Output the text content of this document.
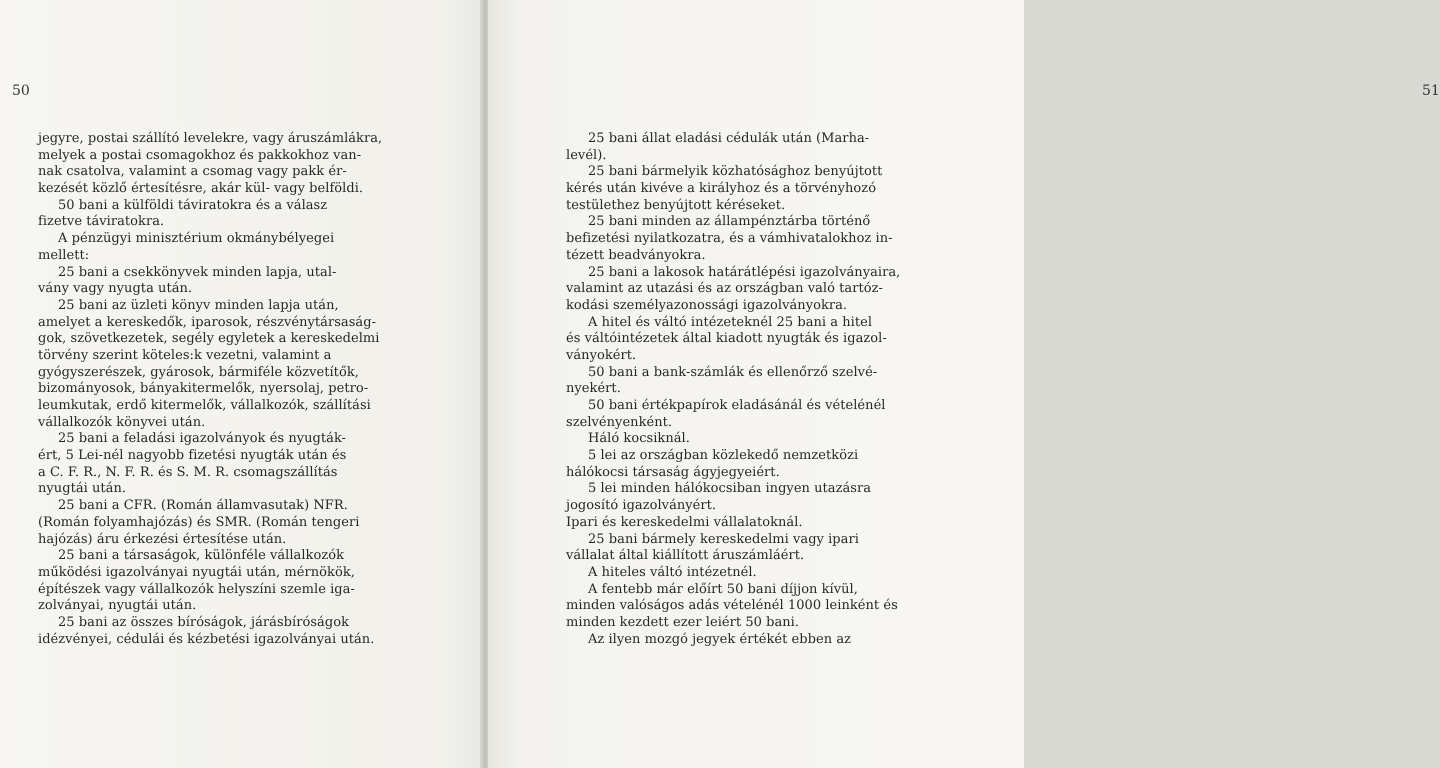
50
jegyre, postai szállító levelekre, vagy áruszámlákra,
melyek a postai csomagokhoz és pakkokhoz van-
nak csatolva, valamint a csomag vagy pakk ér-
kezését közlő értesítésre, akár kül- vagy belföldi.
50 bani a külföldi táviratokra és a válasz
fizetve táviratokra.
A pénzügyi minisztérium okmánybélyegei
mellett:
25 bani a csekkönyvek minden lapja, utal-
vány vagy nyugta után.
25 bani az üzleti könyv minden lapja után,
amelyet a kereskedők, iparosok, részvénytársaság-
gok, szövetkezetek, segély egyletek a kereskedelmi
törvény szerint köteles:k vezetni, valamint a
gyógyszerészek, gyárosok, bármiféle közvetítők,
bizományosok, bányakitermelők, nyersolaj, petro-
leumkutak, erdő kitermelők, vállalkozók, szállítási
vállalkozók könyvei után.
25 bani a feladási igazolványok és nyugták-
ért, 5 Lei-nél nagyobb fizetési nyugták után és
a C. F. R., N. F. R. és S. M. R. csomagszállítás
nyugtái után.
25 bani a CFR. (Román államvasutak) NFR.
(Román folyamhajózás) és SMR. (Román tengeri
hajózás) áru érkezési értesítése után.
25 bani a társaságok, különféle vállalkozók
működési igazolványai nyugtái után, mérnökök,
építészek vagy vállalkozók helyszíni szemle iga-
zolványai, nyugtái után.
25 bani az összes bíróságok, járásbíróságok
idézvényei, cédulái és kézbetési igazolványai után.
51
25 bani állat eladási cédulák után (Marha-
levél).
25 bani bármelyik közhatósághoz benyújtott
kérés után kivéve a királyhoz és a törvényhozó
testülethez benyújtott kéréseket.
25 bani minden az állampénztárba történő
befizetési nyilatkozatra, és a vámhivatalokhoz in-
tézett beadványokra.
25 bani a lakosok határátlépési igazolványaira,
valamint az utazási és az országban való tartóz-
kodási személyazonossági igazolványokra.
A hitel és váltó intézeteknél 25 bani a hitel
és váltóintézetek által kiadott nyugták és igazol-
ványokért.
50 bani a bank-számlák és ellenőrző szelvé-
nyekért.
50 bani értékpapírok eladásánál és vételénél
szelvényenként.
Háló kocsiknál.
5 lei az országban közlekedő nemzetközi
hálókocsi társaság ágyjegyeiért.
5 lei minden hálókocsiban ingyen utazásra
jogosító igazolványért.
Ipari és kereskedelmi vállalatoknál.
25 bani bármely kereskedelmi vagy ipari
vállalat által kiállított áruszámláért.
A hiteles váltó intézetnél.
A fentebb már előírt 50 bani díjjon kívül,
minden valóságos adás vételénél 1000 leinként és
minden kezdett ezer leiért 50 bani.
Az ilyen mozgó jegyek értékét ebben az
